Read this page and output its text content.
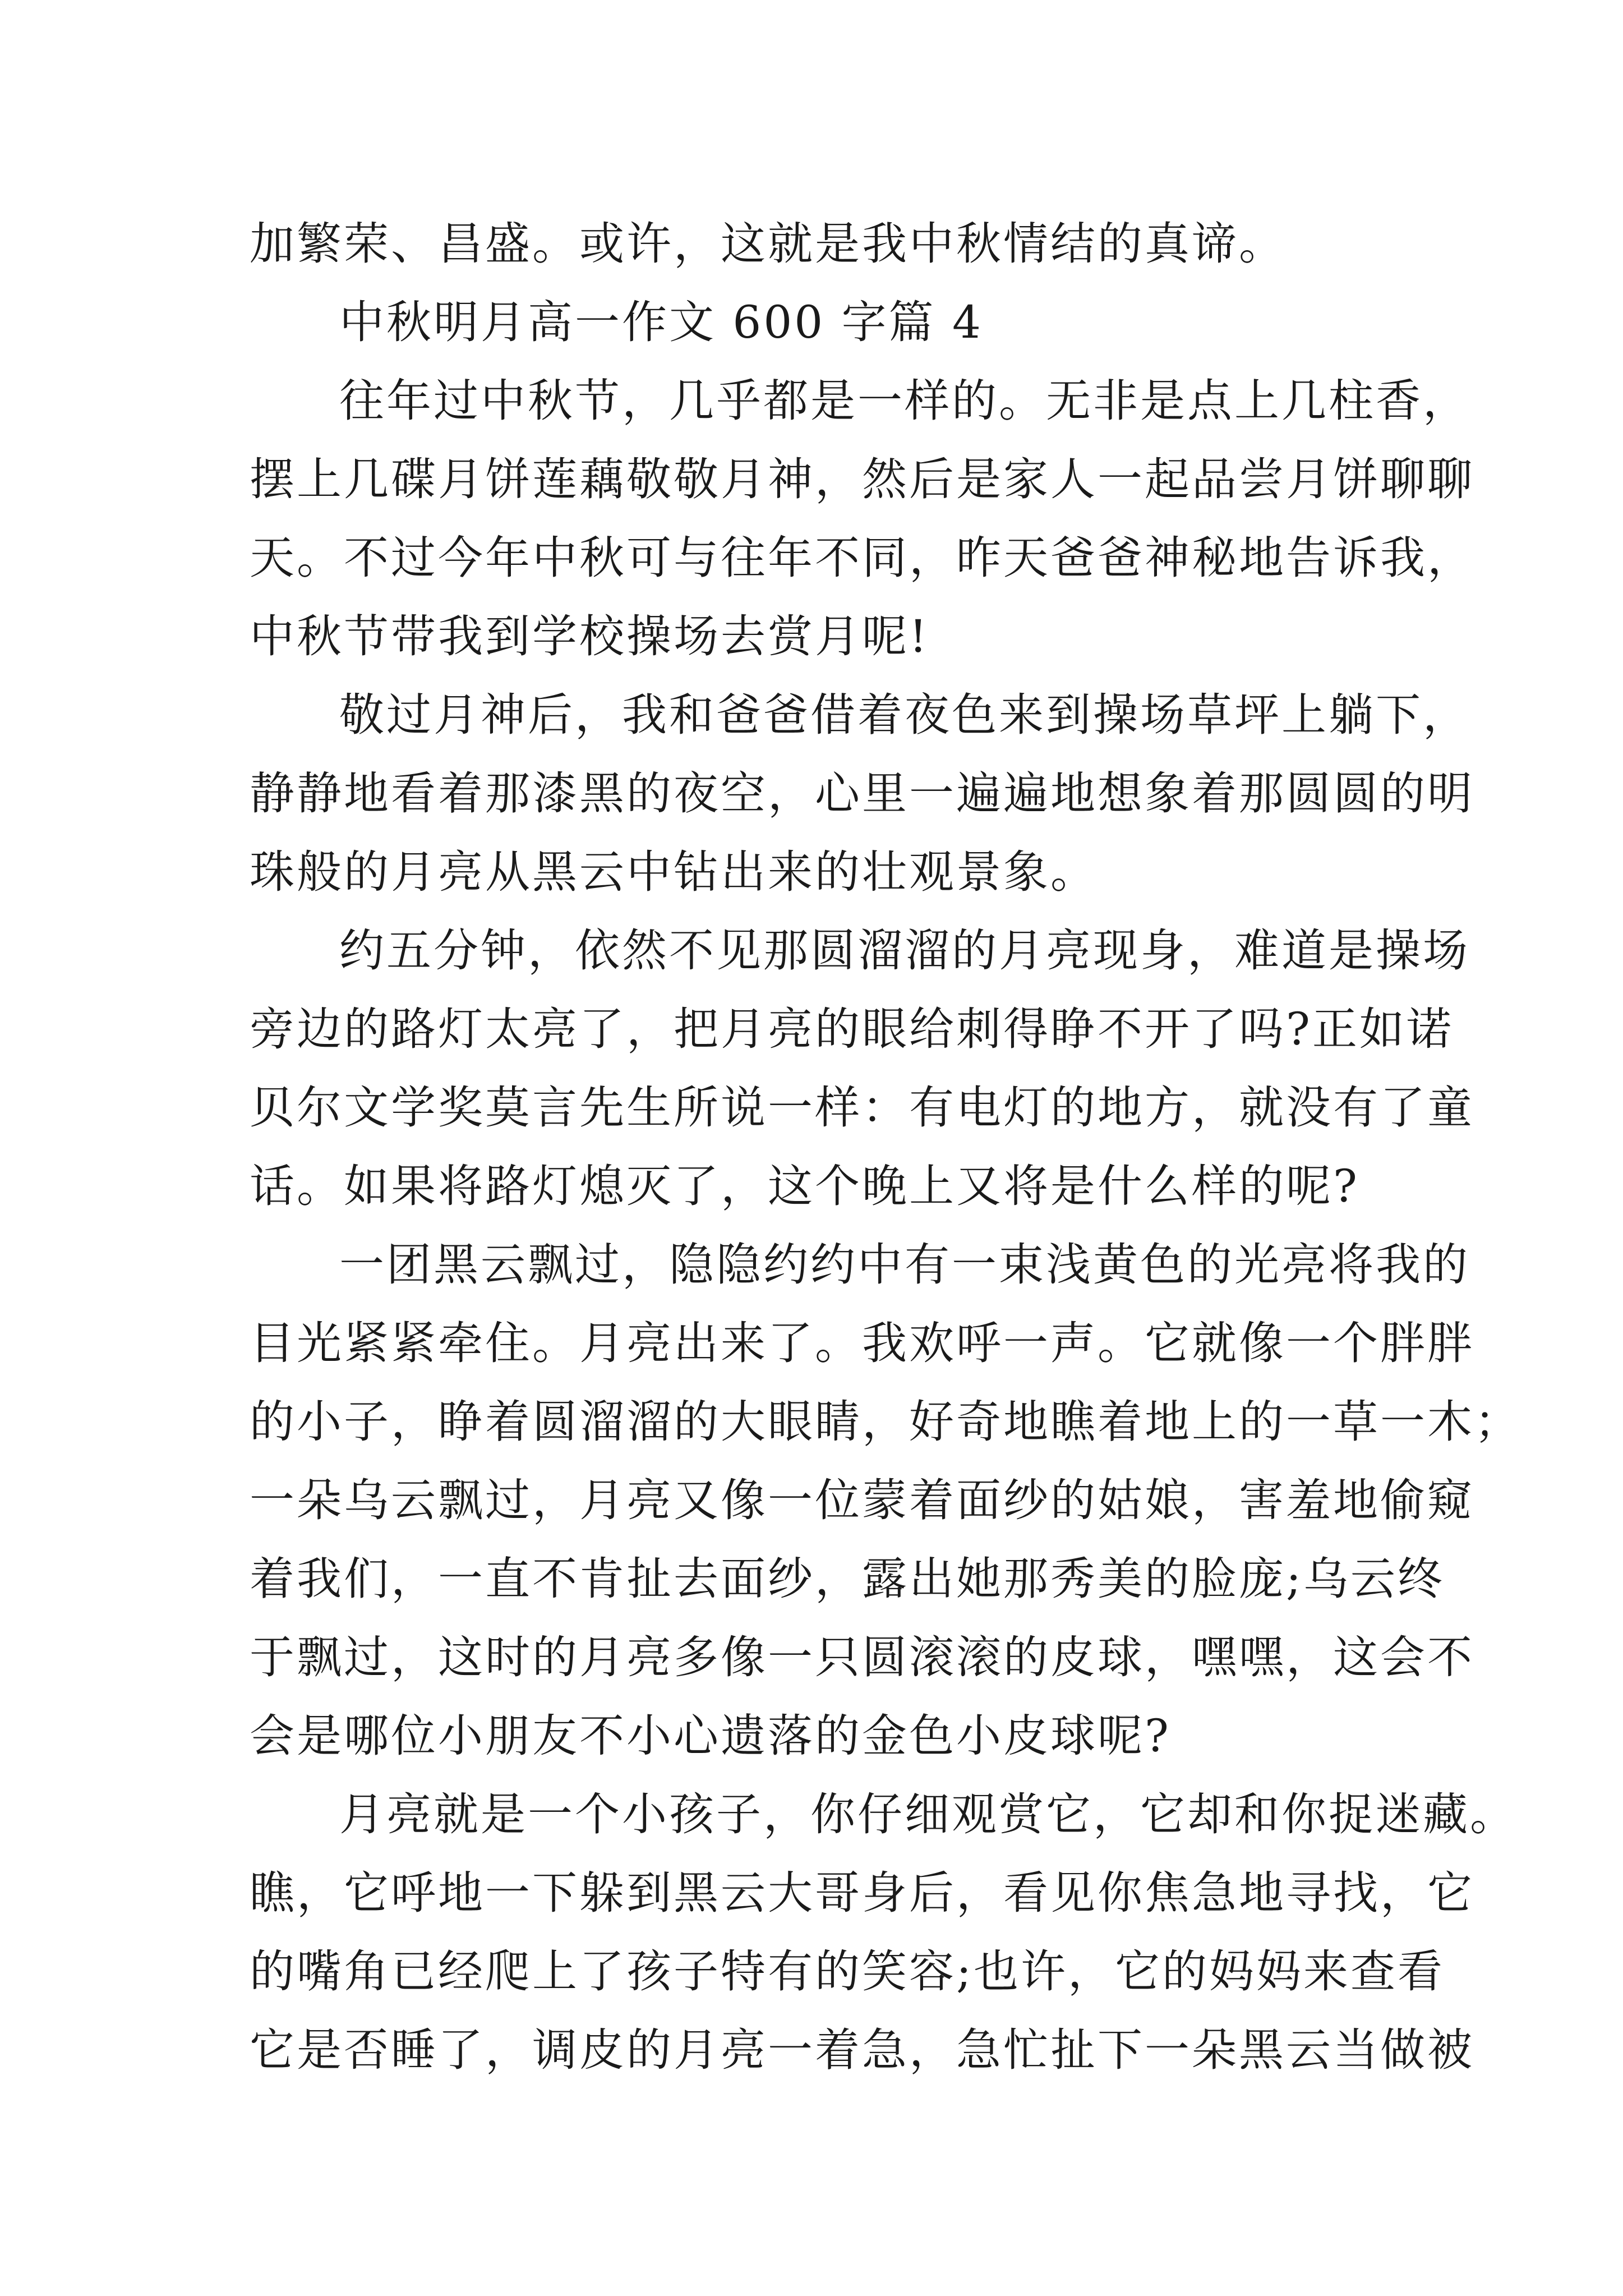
加繁荣、昌盛。或许，这就是我中秋情结的真谛。
中秋明月高一作文 600 字篇 4
往年过中秋节，几乎都是一样的。无非是点上几柱香，
摆上几碟月饼莲藕敬敬月神，然后是家人一起品尝月饼聊聊
天。不过今年中秋可与往年不同，昨天爸爸神秘地告诉我，
中秋节带我到学校操场去赏月呢!
敬过月神后，我和爸爸借着夜色来到操场草坪上躺下，
静静地看着那漆黑的夜空，心里一遍遍地想象着那圆圆的明
珠般的月亮从黑云中钻出来的壮观景象。
约五分钟，依然不见那圆溜溜的月亮现身，难道是操场
旁边的路灯太亮了，把月亮的眼给刺得睁不开了吗?正如诺
贝尔文学奖莫言先生所说一样：有电灯的地方，就没有了童
话。如果将路灯熄灭了，这个晚上又将是什么样的呢?
一团黑云飘过，隐隐约约中有一束浅黄色的光亮将我的
目光紧紧牵住。月亮出来了。我欢呼一声。它就像一个胖胖
的小子，睁着圆溜溜的大眼睛，好奇地瞧着地上的一草一木；
一朵乌云飘过，月亮又像一位蒙着面纱的姑娘，害羞地偷窥
着我们，一直不肯扯去面纱，露出她那秀美的脸庞;乌云终
于飘过，这时的月亮多像一只圆滚滚的皮球，嘿嘿，这会不
会是哪位小朋友不小心遗落的金色小皮球呢?
月亮就是一个小孩子，你仔细观赏它，它却和你捉迷藏。
瞧，它呼地一下躲到黑云大哥身后，看见你焦急地寻找，它
的嘴角已经爬上了孩子特有的笑容;也许，它的妈妈来查看
它是否睡了，调皮的月亮一着急，急忙扯下一朵黑云当做被
